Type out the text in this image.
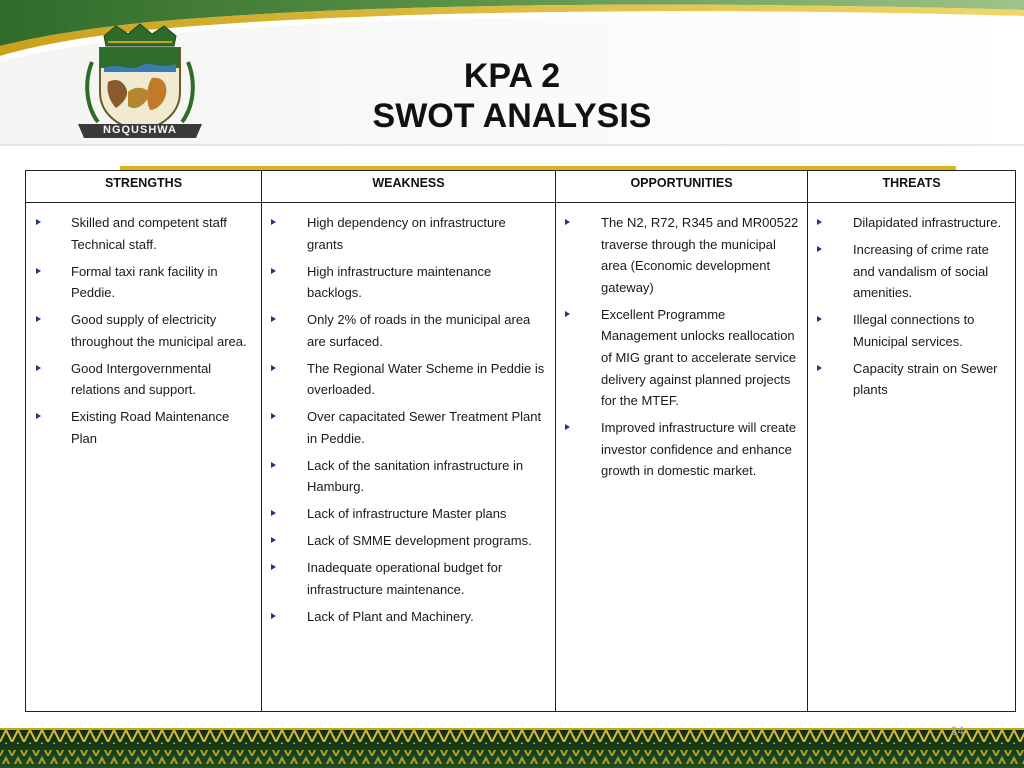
NGQUSHWA
KPA 2
SWOT ANALYSIS
STRENGTHS
Skilled and competent staff Technical staff.
Formal taxi rank facility in Peddie.
Good supply of electricity throughout the municipal area.
Good Intergovernmental relations and support.
Existing Road Maintenance Plan
WEAKNESS
High dependency on infrastructure grants
High infrastructure maintenance backlogs.
Only 2% of roads in the municipal area are surfaced.
The Regional Water Scheme in Peddie is overloaded.
Over capacitated Sewer Treatment Plant in Peddie.
Lack of the sanitation infrastructure in Hamburg.
Lack of infrastructure Master plans
Lack of SMME development programs.
Inadequate operational budget for infrastructure maintenance.
Lack of Plant and Machinery.
OPPORTUNITIES
The N2, R72, R345 and MR00522 traverse through the municipal area (Economic development gateway)
Excellent Programme Management unlocks reallocation of MIG grant to accelerate service delivery against planned projects for the MTEF.
Improved infrastructure will create investor confidence and enhance growth in domestic market.
THREATS
Dilapidated infrastructure.
Increasing of crime rate and vandalism of social amenities.
Illegal connections to Municipal services.
Capacity strain on Sewer plants
24
